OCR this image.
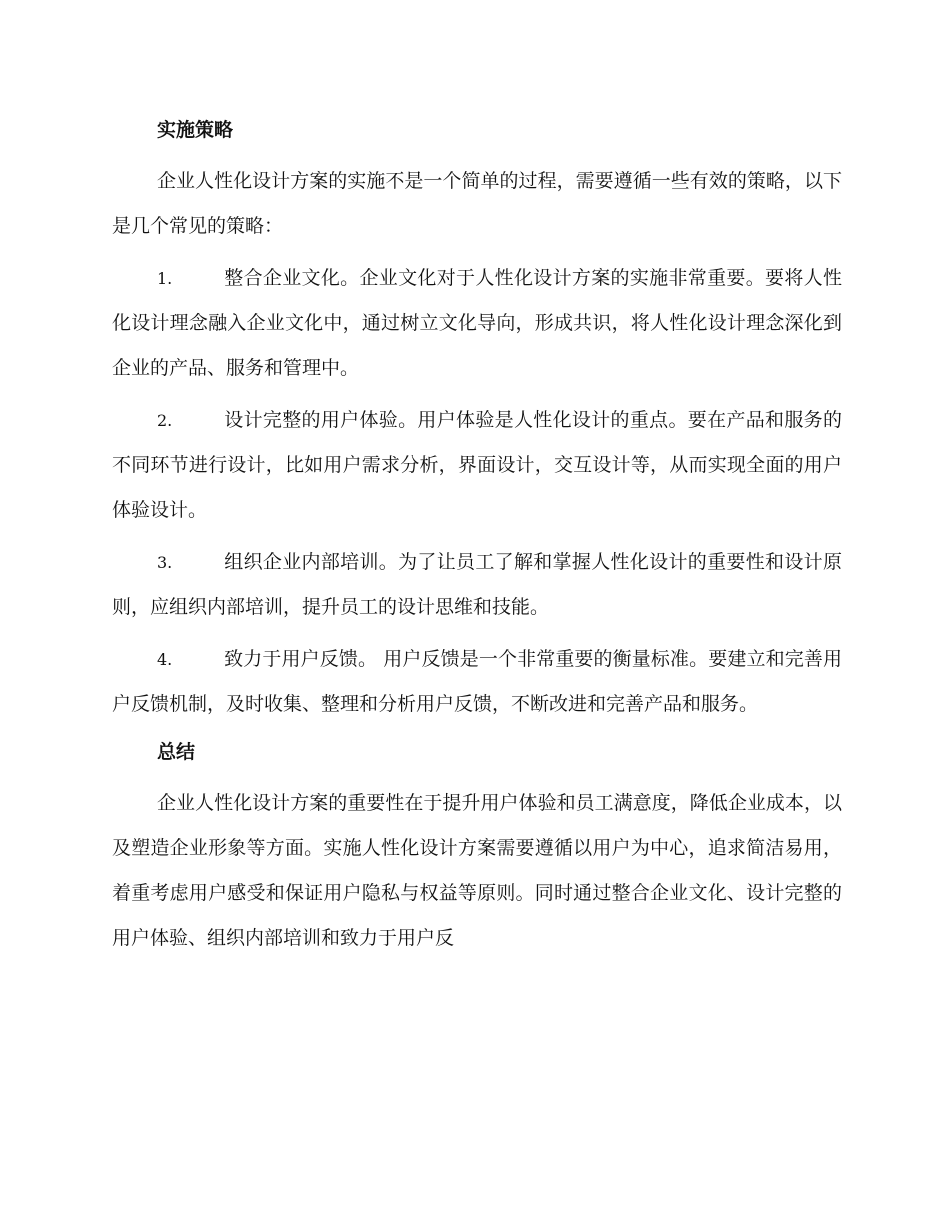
实施策略

企业人性化设计方案的实施不是一个简单的过程，需要遵循一些有效的策略，以下是几个常见的策略：

1.	整合企业文化。企业文化对于人性化设计方案的实施非常重要。要将人性化设计理念融入企业文化中，通过树立文化导向，形成共识，将人性化设计理念深化到企业的产品、服务和管理中。

2.	设计完整的用户体验。用户体验是人性化设计的重点。要在产品和服务的不同环节进行设计，比如用户需求分析，界面设计，交互设计等，从而实现全面的用户体验设计。

3.	组织企业内部培训。为了让员工了解和掌握人性化设计的重要性和设计原则，应组织内部培训，提升员工的设计思维和技能。

4.	致力于用户反馈。 用户反馈是一个非常重要的衡量标准。要建立和完善用户反馈机制，及时收集、整理和分析用户反馈，不断改进和完善产品和服务。

总结

企业人性化设计方案的重要性在于提升用户体验和员工满意度，降低企业成本，以及塑造企业形象等方面。实施人性化设计方案需要遵循以用户为中心，追求简洁易用，着重考虑用户感受和保证用户隐私与权益等原则。同时通过整合企业文化、设计完整的用户体验、组织内部培训和致力于用户反
